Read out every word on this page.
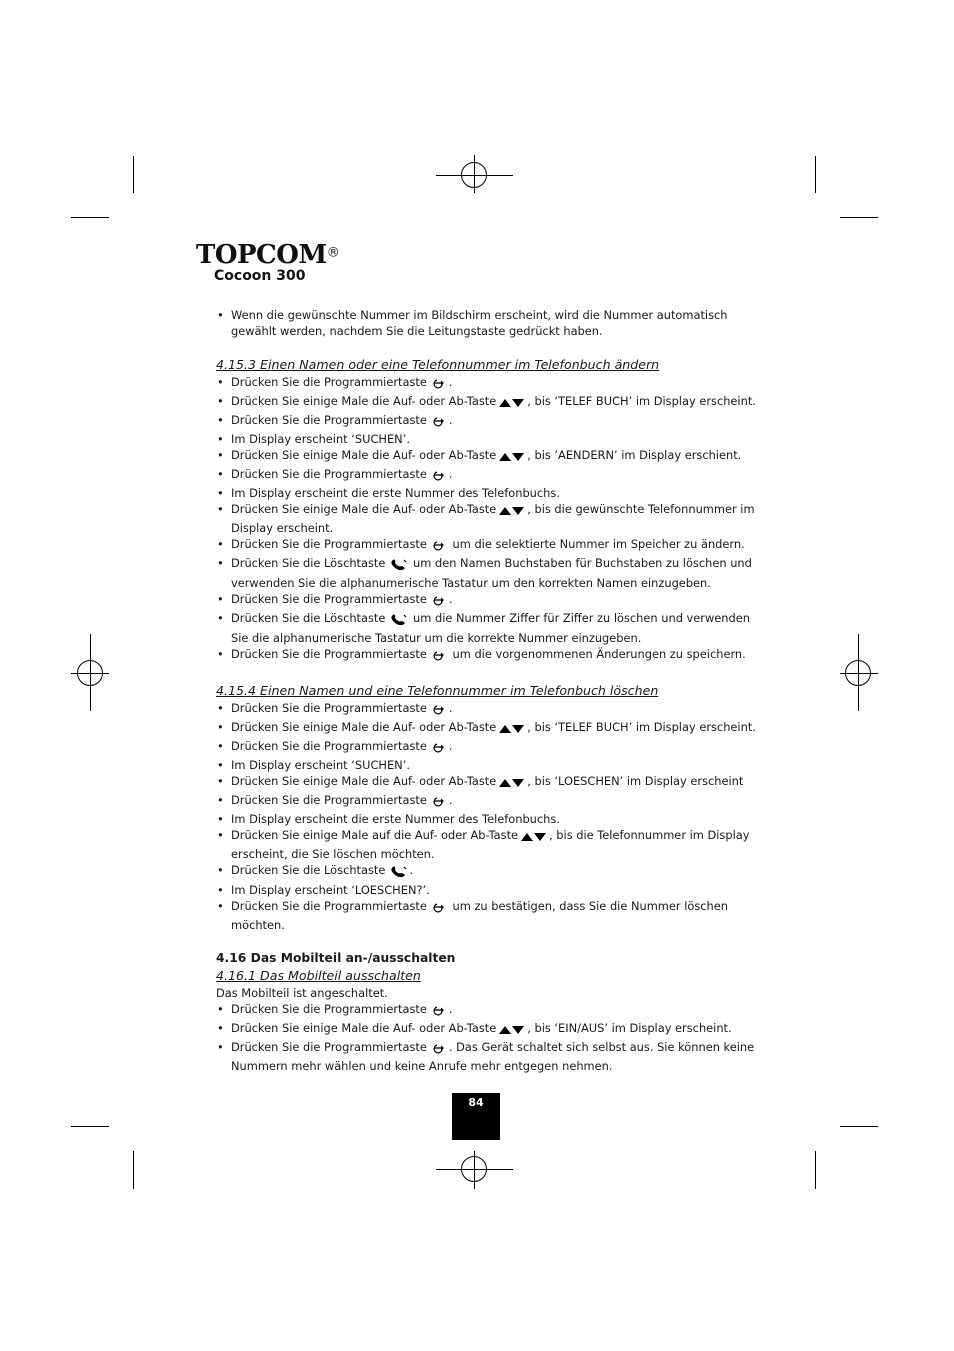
TOPCOM®
Cocoon 300
• Wenn die gewünschte Nummer im Bildschirm erscheint, wird die Nummer automatisch gewählt werden, nachdem Sie die Leitungstaste gedrückt haben.

4.15.3 Einen Namen oder eine Telefonnummer im Telefonbuch ändern

• Drücken Sie die Programmiertaste .
• Drücken Sie einige Male die Auf- oder Ab-Taste	, bis ‘TELEF BUCH’ im Display erscheint.
• Drücken Sie die Programmiertaste .
• Im Display erscheint ‘SUCHEN’.
• Drücken Sie einige Male die Auf- oder Ab-Taste	, bis ’AENDERN’ im Display erschient.
• Drücken Sie die Programmiertaste .
• Im Display erscheint die erste Nummer des Telefonbuchs.
• Drücken Sie einige Male die Auf- oder Ab-Taste	, bis die gewünschte Telefonnummer im Display erscheint.
• Drücken Sie die Programmiertaste um die selektierte Nummer im Speicher zu ändern.
• Drücken Sie die Löschtaste um den Namen Buchstaben für Buchstaben zu löschen und verwenden Sie die alphanumerische Tastatur um den korrekten Namen einzugeben.
• Drücken Sie die Programmiertaste .
• Drücken Sie die Löschtaste um die Nummer Ziffer für Ziffer zu löschen und verwenden Sie die alphanumerische Tastatur um die korrekte Nummer einzugeben.
• Drücken Sie die Programmiertaste um die vorgenommenen Änderungen zu speichern.

4.15.4 Einen Namen und eine Telefonnummer im Telefonbuch löschen

• Drücken Sie die Programmiertaste .
• Drücken Sie einige Male die Auf- oder Ab-Taste	, bis ‘TELEF BUCH’ im Display erscheint.
• Drücken Sie die Programmiertaste .
• Im Display erscheint ‘SUCHEN’.
• Drücken Sie einige Male die Auf- oder Ab-Taste	, bis ‘LOESCHEN’ im Display erscheint
• Drücken Sie die Programmiertaste .
• Im Display erscheint die erste Nummer des Telefonbuchs.
• Drücken Sie einige Male auf die Auf- oder Ab-Taste	, bis die Telefonnummer im Display erscheint, die Sie löschen möchten.
• Drücken Sie die Löschtaste .
• Im Display erscheint ‘LOESCHEN?’.
• Drücken Sie die Programmiertaste um zu bestätigen, dass Sie die Nummer löschen möchten.

4.16 Das Mobilteil an-/ausschalten

4.16.1 Das Mobilteil ausschalten

Das Mobilteil ist angeschaltet.

• Drücken Sie die Programmiertaste .
• Drücken Sie einige Male die Auf- oder Ab-Taste	, bis ‘EIN/AUS’ im Display erscheint.
• Drücken Sie die Programmiertaste . Das Gerät schaltet sich selbst aus. Sie können keine Nummern mehr wählen und keine Anrufe mehr entgegen nehmen.
84
